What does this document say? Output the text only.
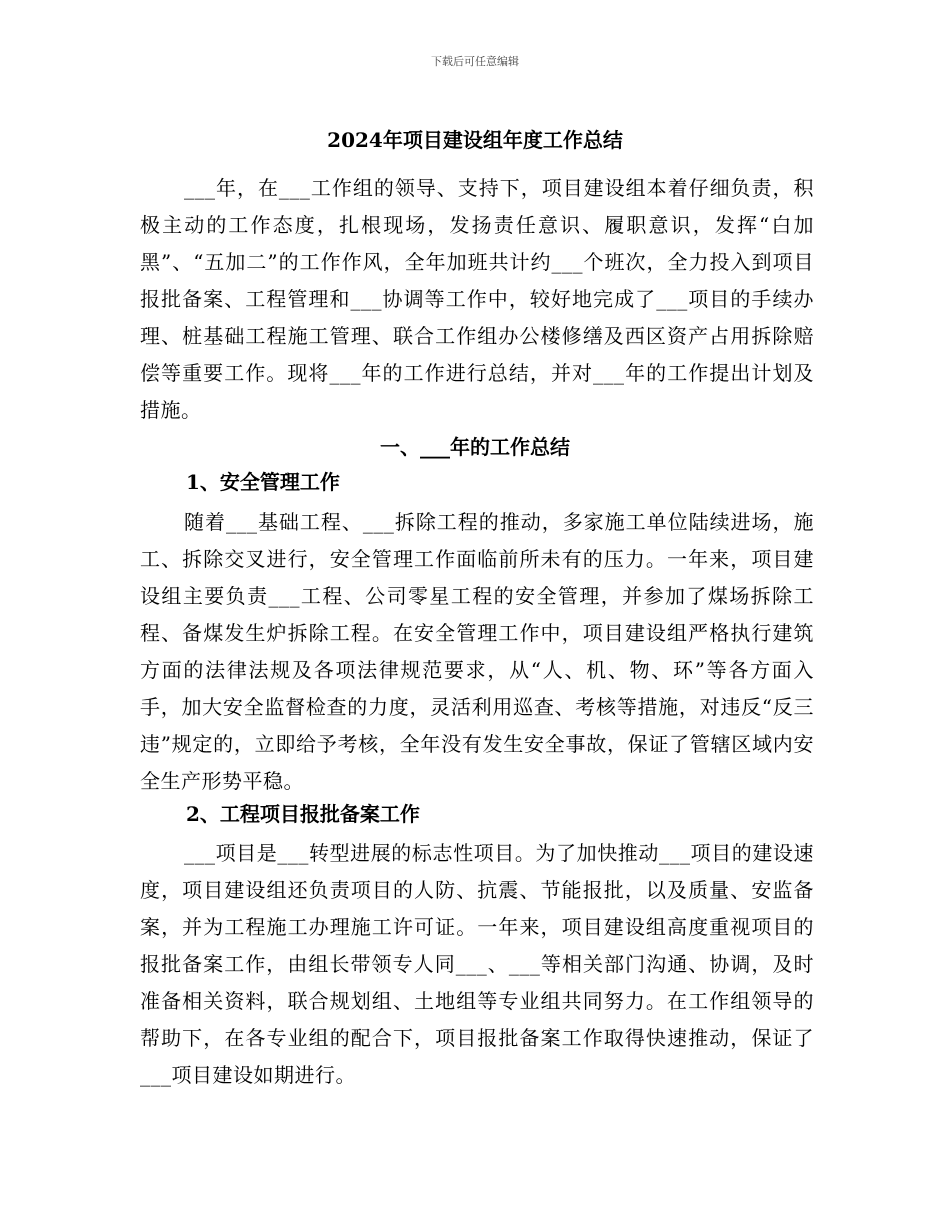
下载后可任意编辑
2024年项目建设组年度工作总结

___年，在___工作组的领导、支持下，项目建设组本着仔细负责，积极主动的工作态度，扎根现场，发扬责任意识、履职意识，发挥“白加黑”、“五加二”的工作作风，全年加班共计约___个班次，全力投入到项目报批备案、工程管理和___协调等工作中，较好地完成了___项目的手续办理、桩基础工程施工管理、联合工作组办公楼修缮及西区资产占用拆除赔偿等重要工作。现将___年的工作进行总结，并对___年的工作提出计划及措施。

一、___年的工作总结
1、安全管理工作

随着___基础工程、___拆除工程的推动，多家施工单位陆续进场，施工、拆除交叉进行，安全管理工作面临前所未有的压力。一年来，项目建设组主要负责___工程、公司零星工程的安全管理，并参加了煤场拆除工程、备煤发生炉拆除工程。在安全管理工作中，项目建设组严格执行建筑方面的法律法规及各项法律规范要求，从“人、机、物、环”等各方面入手，加大安全监督检查的力度，灵活利用巡查、考核等措施，对违反“反三违”规定的，立即给予考核，全年没有发生安全事故，保证了管辖区域内安全生产形势平稳。

2、工程项目报批备案工作

___项目是___转型进展的标志性项目。为了加快推动___项目的建设速度，项目建设组还负责项目的人防、抗震、节能报批，以及质量、安监备案，并为工程施工办理施工许可证。一年来，项目建设组高度重视项目的报批备案工作，由组长带领专人同___、___等相关部门沟通、协调，及时准备相关资料，联合规划组、土地组等专业组共同努力。在工作组领导的帮助下，在各专业组的配合下，项目报批备案工作取得快速推动，保证了___项目建设如期进行。
